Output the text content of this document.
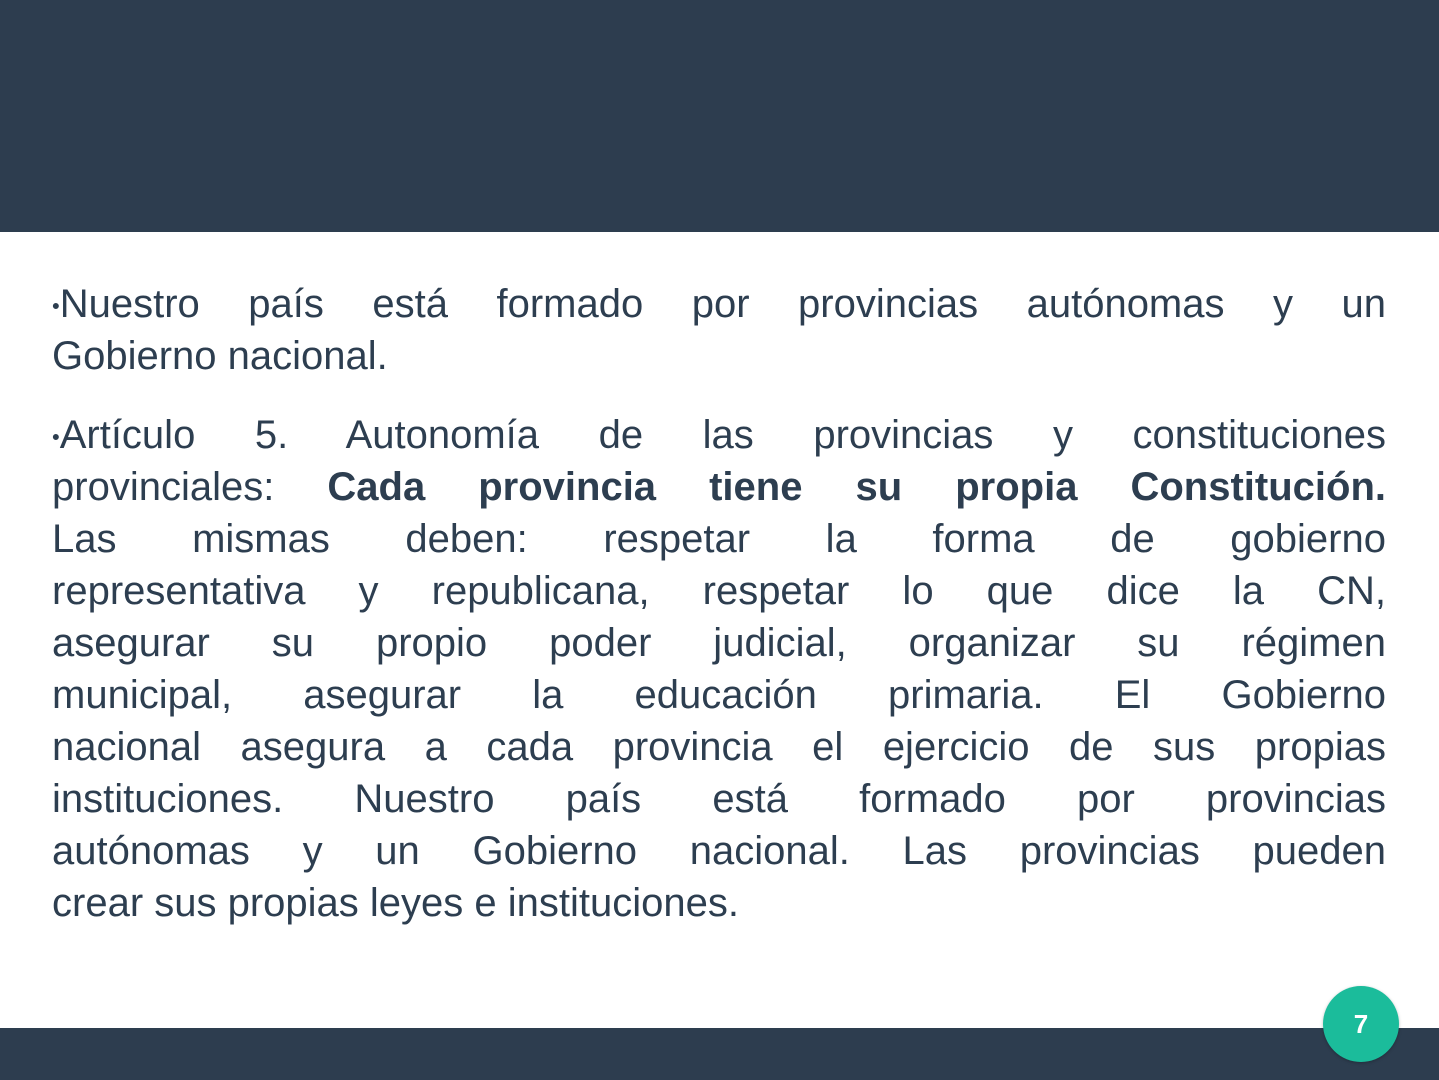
•Nuestro país está formado por provincias autónomas y un
Gobierno nacional.
•Artículo 5. Autonomía de las provincias y constituciones
provinciales: Cada provincia tiene su propia Constitución.
Las mismas deben: respetar la forma de gobierno
representativa y republicana, respetar lo que dice la CN,
asegurar su propio poder judicial, organizar su régimen
municipal, asegurar la educación primaria. El Gobierno
nacional asegura a cada provincia el ejercicio de sus propias
instituciones. Nuestro país está formado por provincias
autónomas y un Gobierno nacional. Las provincias pueden
crear sus propias leyes e instituciones.
7
